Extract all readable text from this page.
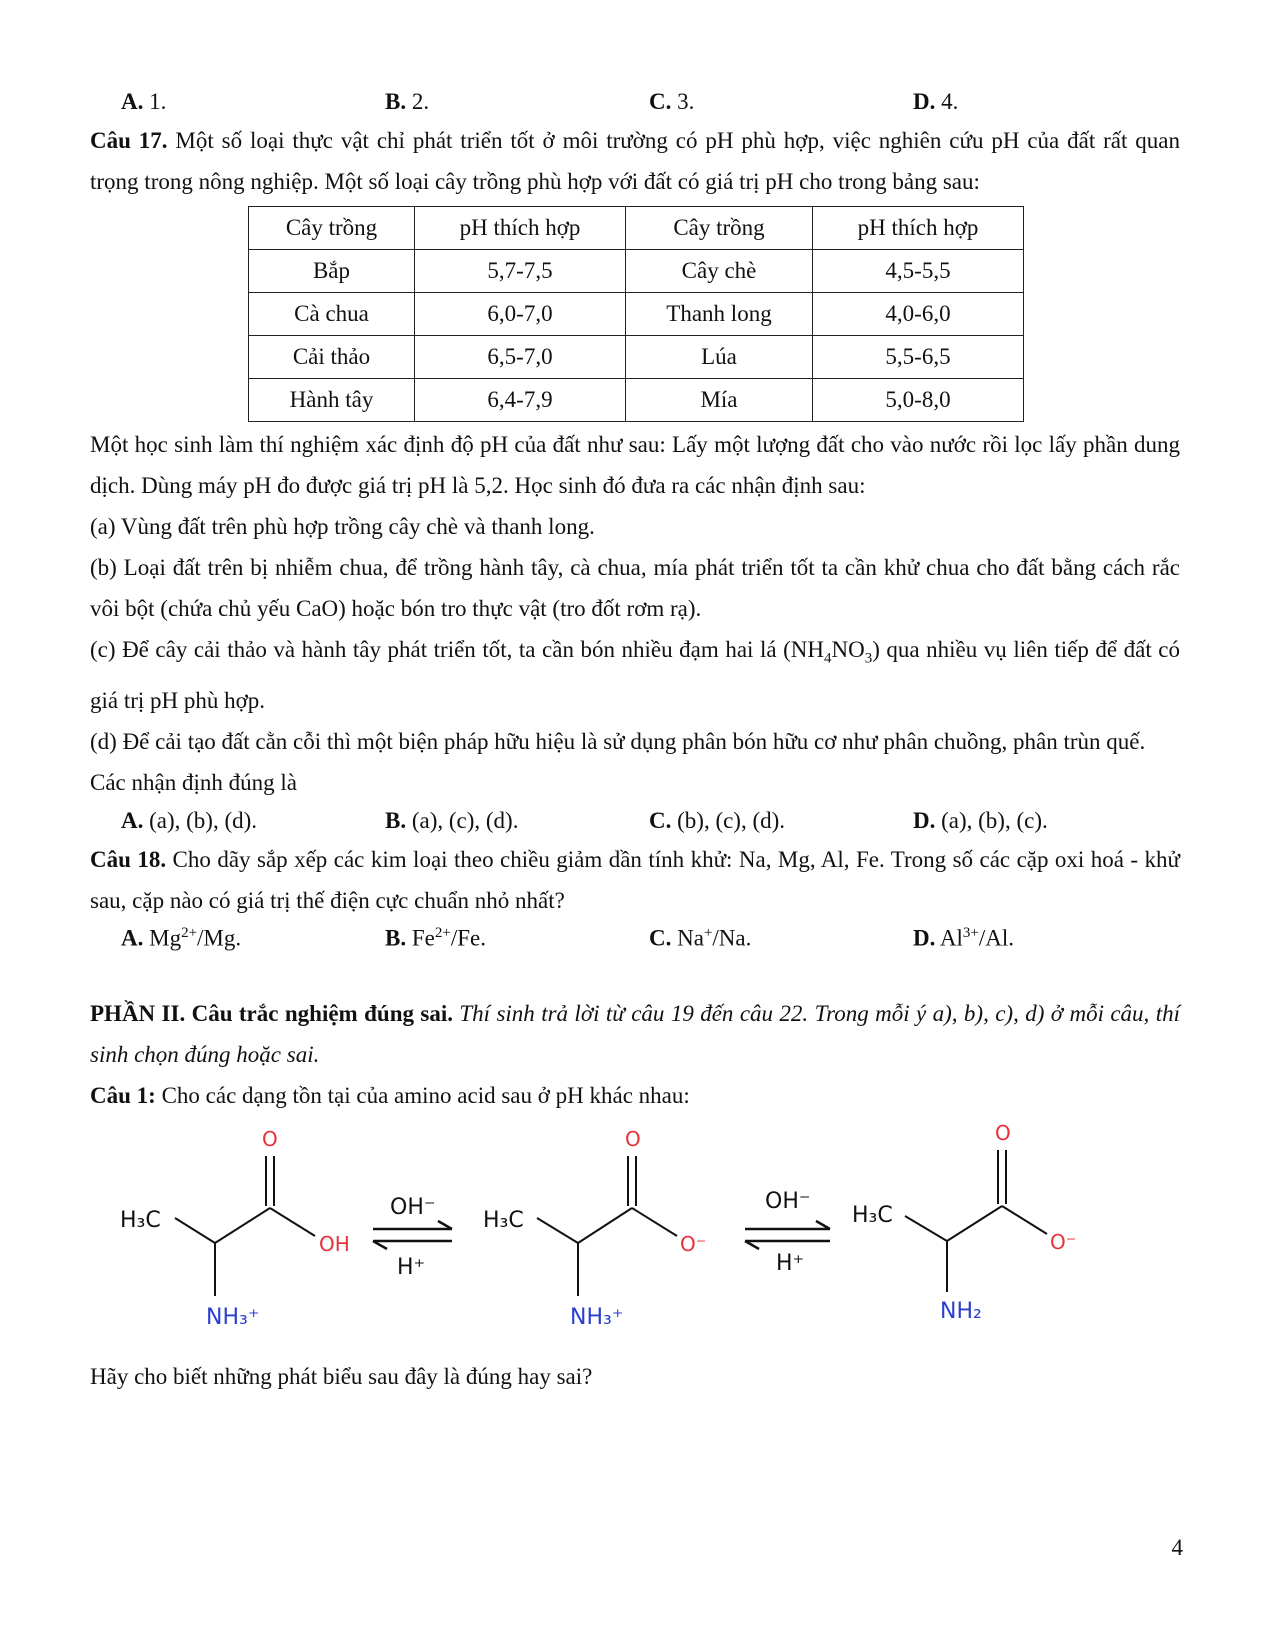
A. 1.	B. 2.	C. 3.	D. 4.

Câu 17. Một số loại thực vật chỉ phát triển tốt ở môi trường có pH phù hợp, việc nghiên cứu pH của đất rất quan trọng trong nông nghiệp. Một số loại cây trồng phù hợp với đất có giá trị pH cho trong bảng sau:

Cây trồng	pH thích hợp	Cây trồng	pH thích hợp
Bắp	5,7-7,5	Cây chè	4,5-5,5
Cà chua	6,0-7,0	Thanh long	4,0-6,0
Cải thảo	6,5-7,0	Lúa	5,5-6,5
Hành tây	6,4-7,9	Mía	5,0-8,0

Một học sinh làm thí nghiệm xác định độ pH của đất như sau: Lấy một lượng đất cho vào nước rồi lọc lấy phần dung dịch. Dùng máy pH đo được giá trị pH là 5,2. Học sinh đó đưa ra các nhận định sau:

(a) Vùng đất trên phù hợp trồng cây chè và thanh long.

(b) Loại đất trên bị nhiễm chua, để trồng hành tây, cà chua, mía phát triển tốt ta cần khử chua cho đất bằng cách rắc vôi bột (chứa chủ yếu CaO) hoặc bón tro thực vật (tro đốt rơm rạ).

(c) Để cây cải thảo và hành tây phát triển tốt, ta cần bón nhiều đạm hai lá $(NH_4NO_3)$ qua nhiều vụ liên tiếp để đất có giá trị pH phù hợp.

(d) Để cải tạo đất cằn cỗi thì một biện pháp hữu hiệu là sử dụng phân bón hữu cơ như phân chuồng, phân trùn quế.

Các nhận định đúng là

A. (a), (b), (d).	B. (a), (c), (d).	C. (b), (c), (d).	D. (a), (b), (c).

Câu 18. Cho dãy sắp xếp các kim loại theo chiều giảm dần tính khử: Na, Mg, Al, Fe. Trong số các cặp oxi hoá - khử sau, cặp nào có giá trị thế điện cực chuẩn nhỏ nhất?

A. $Mg^{2+}/Mg$.	B. $Fe^{2+}/Fe$.	C. Na+/Na.	D. $Al^{3+}/Al$.

PHẦN II. Câu trắc nghiệm đúng sai. Thí sinh trả lời từ câu 19 đến câu 22. Trong mỗi ý a), b), c), d) ở mỗi câu, thí sinh chọn đúng hoặc sai.

Câu 1: Cho các dạng tồn tại của amino acid sau ở pH khác nhau:

O
OH
H₃C
NH₃⁺
OH⁻
H⁺
O
O⁻
H₃C
NH₃⁺
OH⁻
H⁺
O
O⁻
H₃C
NH₂

Hãy cho biết những phát biểu sau đây là đúng hay sai?

4
